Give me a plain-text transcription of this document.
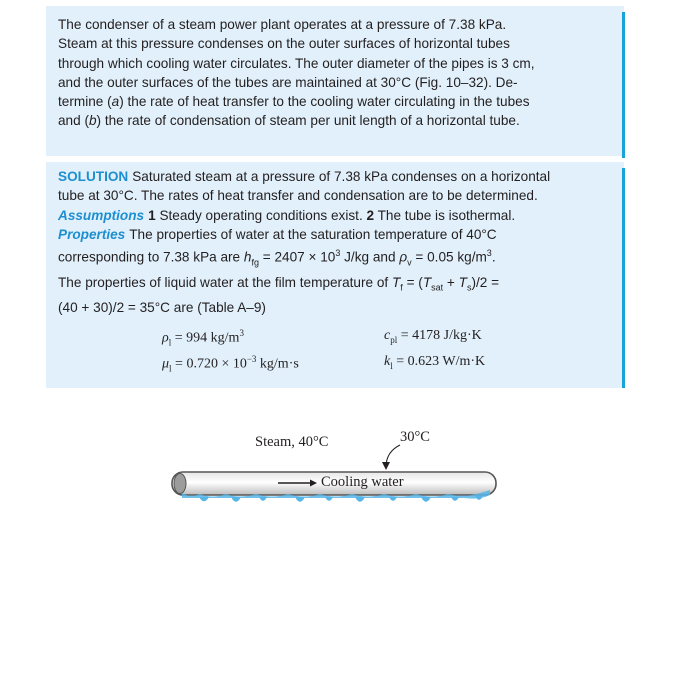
The condenser of a steam power plant operates at a pressure of 7.38 kPa.
Steam at this pressure condenses on the outer surfaces of horizontal tubes
through which cooling water circulates. The outer diameter of the pipes is 3 cm,
and the outer surfaces of the tubes are maintained at 30°C (Fig. 10–32). De-
termine (a) the rate of heat transfer to the cooling water circulating in the tubes
and (b) the rate of condensation of steam per unit length of a horizontal tube.
SOLUTION Saturated steam at a pressure of 7.38 kPa condenses on a horizontal
tube at 30°C. The rates of heat transfer and condensation are to be determined.
Assumptions 1 Steady operating conditions exist. 2 The tube is isothermal.
Properties The properties of water at the saturation temperature of 40°C
corresponding to 7.38 kPa are $h_{fg} = 2407 \times 10^3$ J/kg and $\rho_v = 0.05$ $kg/m^3$.
The properties of liquid water at the film temperature of $T_f = (T_{sat} + T_s)/2$ =
(40 + 30)/2 = 35°C are (Table A–9)
$\rho_l = 994$ $kg/m^3$
$\mu_l = 0.720 \times 10^{-3}$ kg/m·s
$c_{pl} = 4178$ J/kg·K
$k_l = 0.623$ W/m·K
Steam, 40°C	30°C
Cooling water
